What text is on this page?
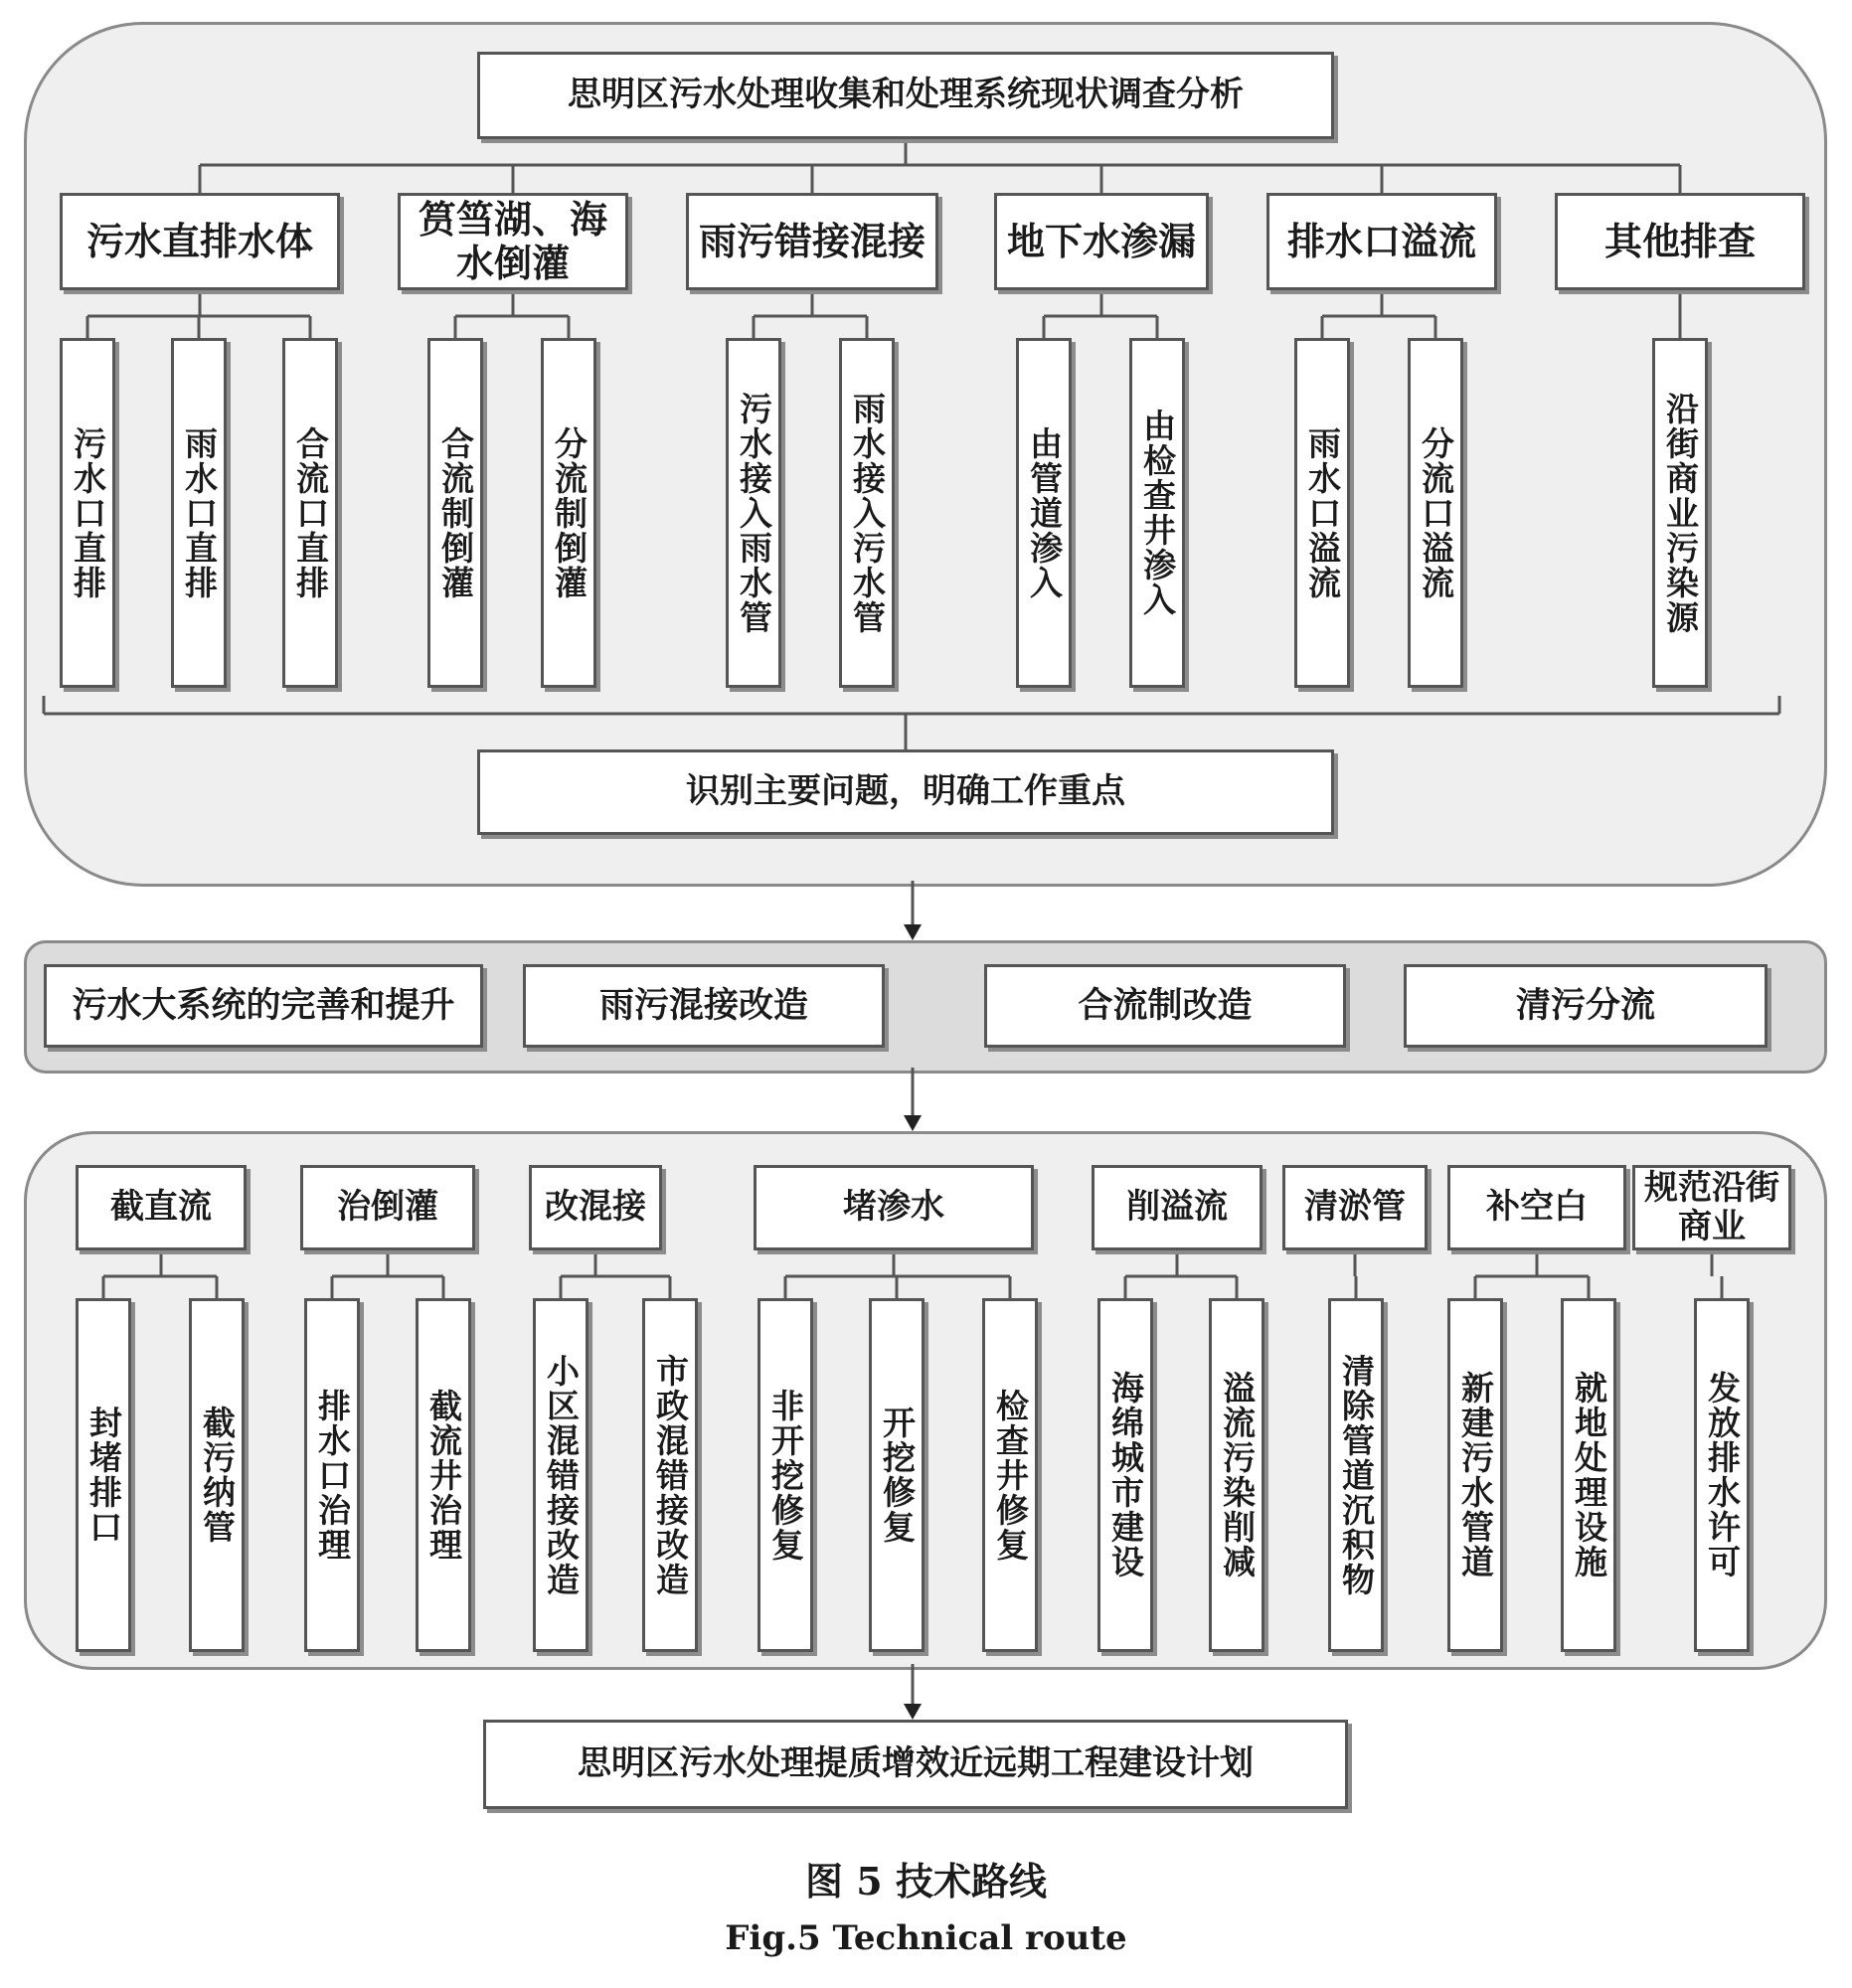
思明区污水处理收集和处理系统现状调查分析
污水直排水体
污水口直排 雨水口直排 合流口直排
筼筜湖、海水倒灌
合流制倒灌 分流制倒灌
雨污错接混接
污水接入雨水管 雨水接入污水管
地下水渗漏
由管道渗入 由检查井渗入
排水口溢流
雨水口溢流 分流口溢流
其他排查
沿街商业污染源
识别主要问题，明确工作重点
污水大系统的完善和提升	雨污混接改造	合流制改造	清污分流
截直流
封堵排口 截污纳管
治倒灌
排水口治理 截流井治理
改混接
小区混错接改造 市政混错接改造
堵渗水
非开挖修复 开挖修复 检查井修复
削溢流
海绵城市建设 溢流污染削减
清淤管
清除管道沉积物
补空白
新建污水管道 就地处理设施
规范沿街商业
发放排水许可
思明区污水处理提质增效近远期工程建设计划
图 5 技术路线
Fig.5 Technical route
